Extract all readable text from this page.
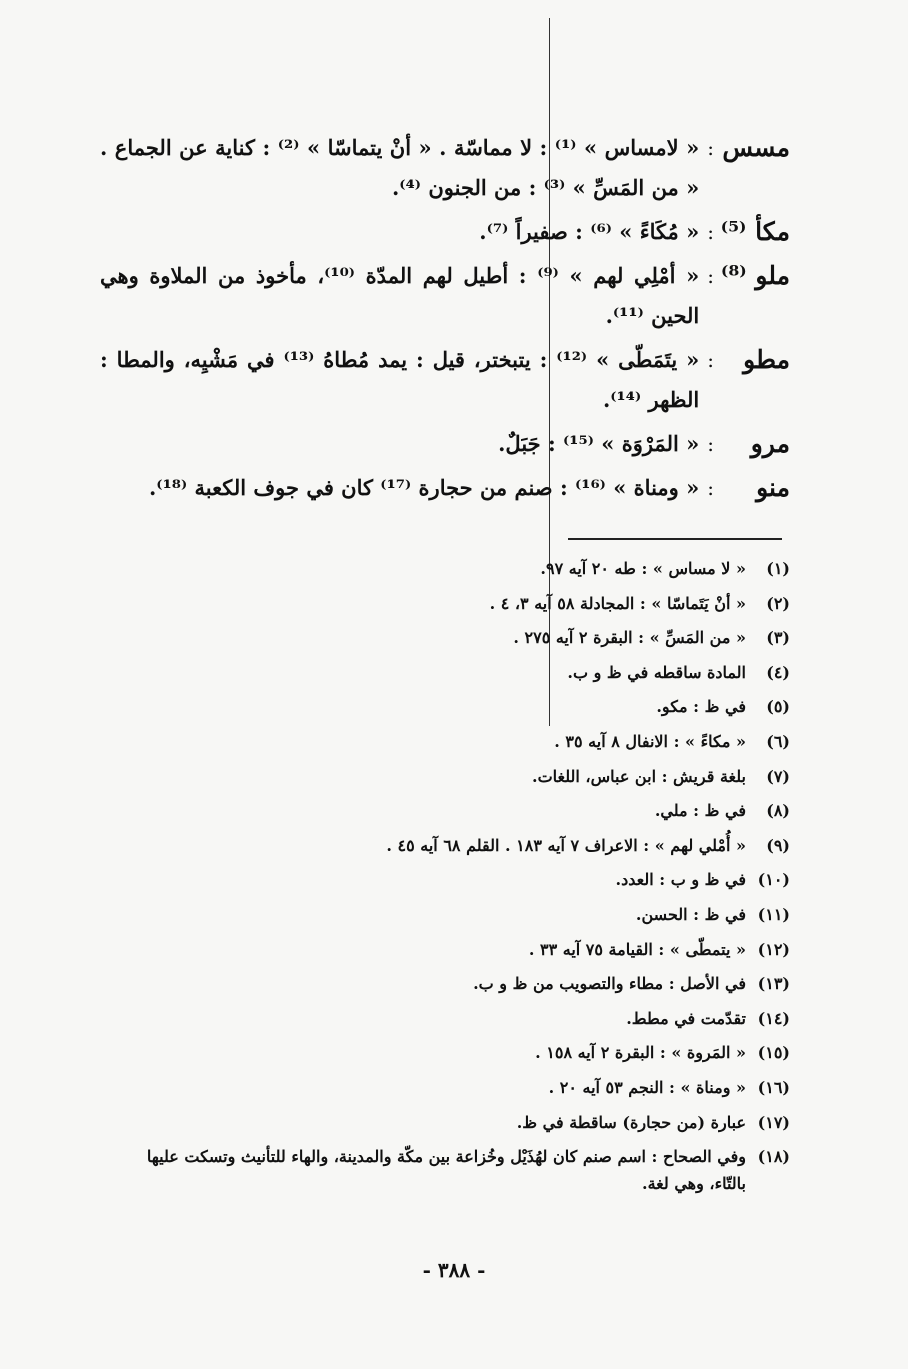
مسس
:
« لامساس » ⁽¹⁾ : لا مماسّة . « أنْ يتماسّا » ⁽²⁾ : كناية عن الجماع . « من المَسِّ » ⁽³⁾ : من الجنون ⁽⁴⁾.
مكأ ⁽⁵⁾
:
« مُكَاءً » ⁽⁶⁾ : صفيراً ⁽⁷⁾.
ملو ⁽⁸⁾
:
« أمْلِي لهم » ⁽⁹⁾ : أطيل لهم المدّة ⁽¹⁰⁾، مأخوذ من الملاوة وهي الحين ⁽¹¹⁾.
مطو
:
« يتَمَطّى » ⁽¹²⁾ : يتبختر، قيل : يمد مُطاهُ ⁽¹³⁾ في مَشْيِه، والمطا : الظهر ⁽¹⁴⁾.
مرو
:
« المَرْوَة » ⁽¹⁵⁾ : جَبَلٌ.
منو
:
« ومناة » ⁽¹⁶⁾ : صنم من حجارة ⁽¹⁷⁾ كان في جوف الكعبة ⁽¹⁸⁾.
(١)
« لا مساس » : طه ٢٠ آيه ٩٧.
(٢)
« أنْ يَتَماسّا » : المجادلة ٥٨ آيه ٣، ٤ .
(٣)
« من المَسِّ » : البقرة ٢ آيه ٢٧٥ .
(٤)
المادة ساقطه في ظ و ب.
(٥)
في ظ : مكو.
(٦)
« مكاءً » : الانفال ٨ آيه ٣٥ .
(٧)
بلغة قريش : ابن عباس، اللغات.
(٨)
في ظ : ملي.
(٩)
« أُمْلي لهم » : الاعراف ٧ آيه ١٨٣ . القلم ٦٨ آيه ٤٥ .
(١٠)
في ظ و ب : العدد.
(١١)
في ظ : الحسن.
(١٢)
« يتمطّى » : القيامة ٧٥ آيه ٣٣ .
(١٣)
في الأصل : مطاء والتصويب من ظ و ب.
(١٤)
تقدّمت في مطط.
(١٥)
« المَروة » : البقرة ٢ آيه ١٥٨ .
(١٦)
« ومناة » : النجم ٥٣ آيه ٢٠ .
(١٧)
عبارة (من حجارة) ساقطة في ظ.
(١٨)
وفي الصحاح : اسم صنم كان لهُذَيْل وخُزاعة بين مكّة والمدينة، والهاء للتأنيث وتسكت عليها بالتّاء، وهي لغة.
- ٣٨٨ -
